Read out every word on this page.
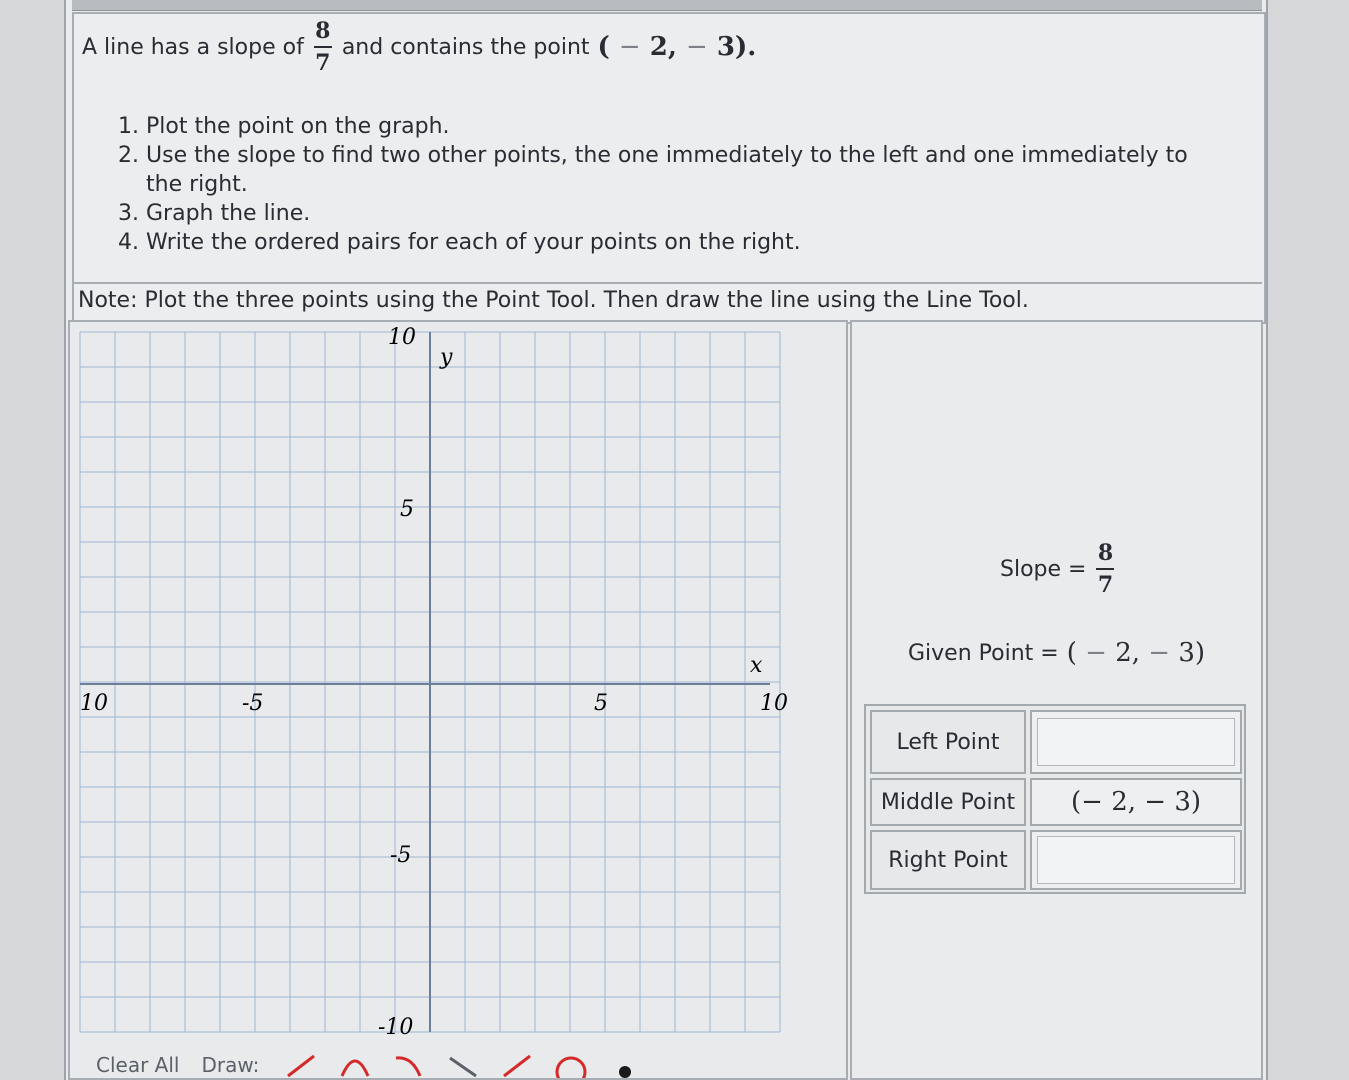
A line has a slope of $\frac{8}{7}$ and contains the point ( − 2, − 3).
1. Plot the point on the graph.
2. Use the slope to find two other points, the one immediately to the left and one immediately to the right.
3. Graph the line.
4. Write the ordered pairs for each of your points on the right.
Note: Plot the three points using the Point Tool. Then draw the line using the Line Tool.
x
y
10	-5	5	10
10
5
-5
-10
Slope = $\frac{8}{7}$
Given Point = ( − 2, − 3)
Left Point
Middle Point	(− 2, − 3)
Right Point
Clear All Draw:
